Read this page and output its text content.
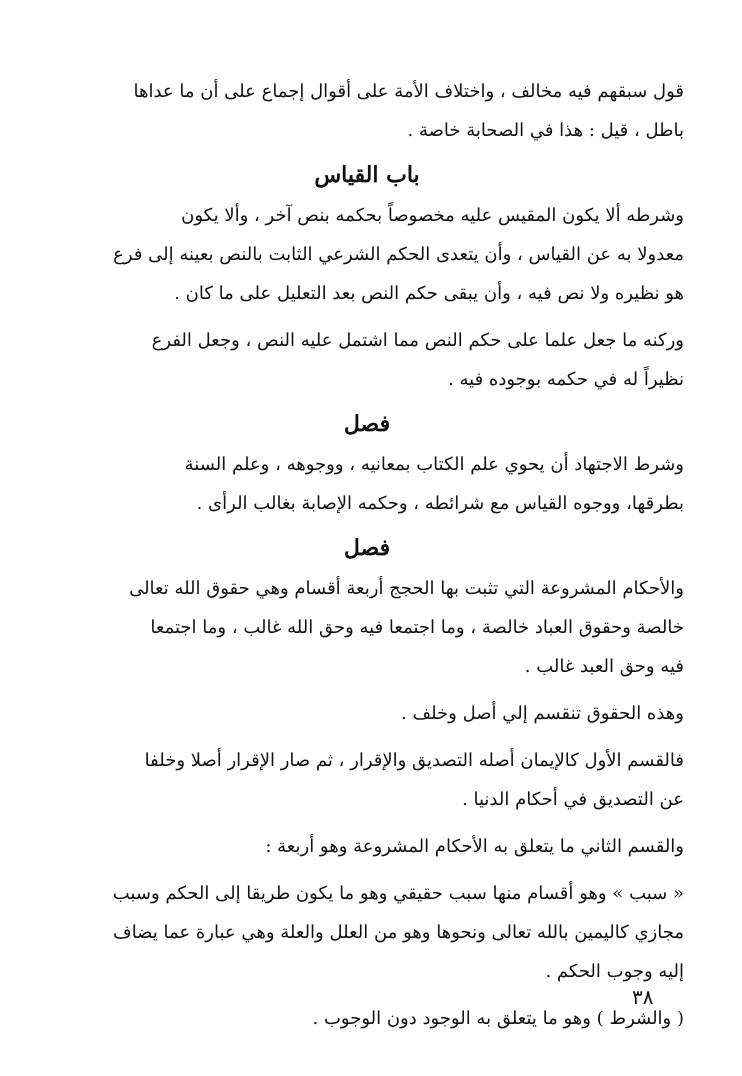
قول سبقهم فيه مخالف ، واختلاف الأمة على أقوال إجماع على أن ما عداها
باطل ، قيل : هذا في الصحابة خاصة .
باب القياس
وشرطه ألا يكون المقيس عليه مخصوصاً بحكمه بنص آخر ، وألا يكون
معدولا به عن القياس ، وأن يتعدى الحكم الشرعي الثابت بالنص بعينه إلى فرع
هو نظيره ولا نص فيه ، وأن يبقى حكم النص بعد التعليل على ما كان .
وركنه ما جعل علما على حكم النص مما اشتمل عليه النص ، وجعل الفرع
نظيراً له في حكمه بوجوده فيه .
فصل
وشرط الاجتهاد أن يحوي علم الكتاب بمعانيه ، ووجوهه ، وعلم السنة
بطرقها، ووجوه القياس مع شرائطه ، وحكمه الإصابة بغالب الرأى .
فصل
والأحكام المشروعة التي تثبت بها الحجج أربعة أقسام وهي حقوق الله تعالى
خالصة وحقوق العباد خالصة ، وما اجتمعا فيه وحق الله غالب ، وما اجتمعا
فيه وحق العبد غالب .
وهذه الحقوق تنقسم إلي أصل وخلف .
فالقسم الأول كالإيمان أصله التصديق والإقرار ، ثم صار الإقرار أصلا وخلفا
عن التصديق في أحكام الدنيا .
والقسم الثاني ما يتعلق به الأحكام المشروعة وهو أربعة :
« سبب » وهو أقسام منها سبب حقيقي وهو ما يكون طريقا إلى الحكم وسبب
مجازي كاليمين بالله تعالى ونحوها وهو من العلل والعلة وهي عبارة عما يضاف
إليه وجوب الحكم .
( والشرط ) وهو ما يتعلق به الوجود دون الوجوب .
٣٨
